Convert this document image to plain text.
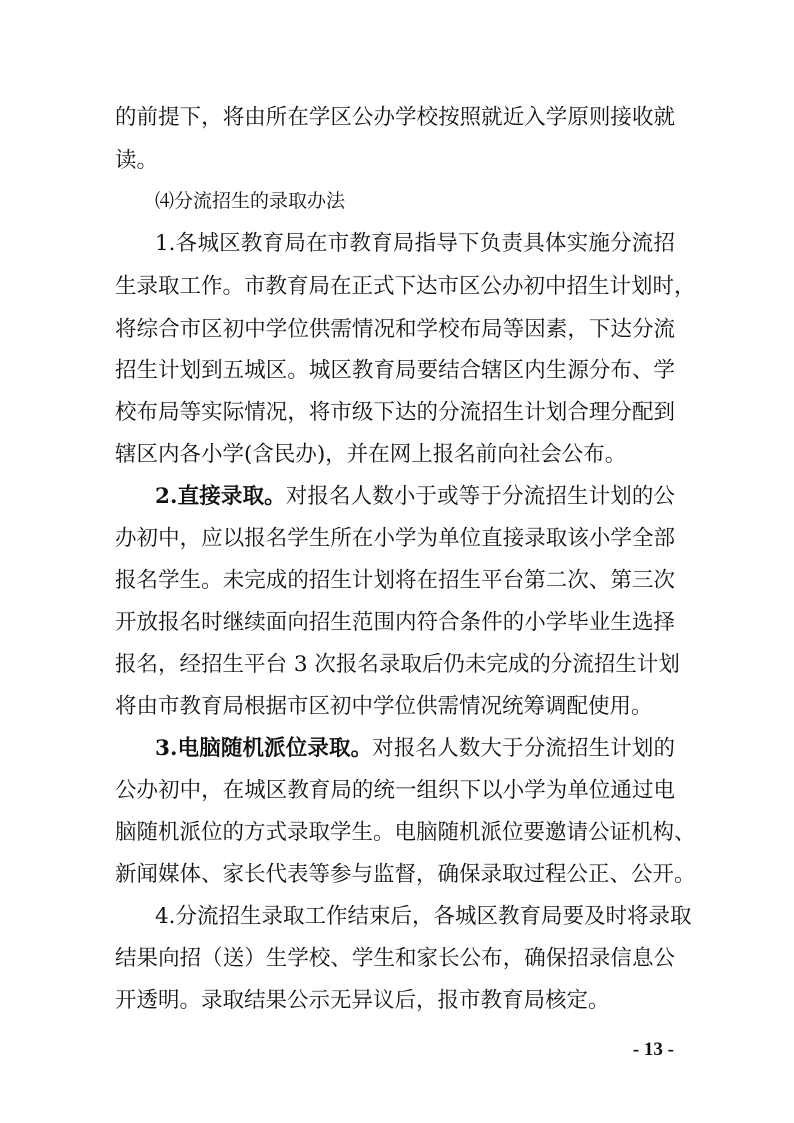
的前提下，将由所在学区公办学校按照就近入学原则接收就
读。
⑷分流招生的录取办法
1.各城区教育局在市教育局指导下负责具体实施分流招
生录取工作。市教育局在正式下达市区公办初中招生计划时，
将综合市区初中学位供需情况和学校布局等因素，下达分流
招生计划到五城区。城区教育局要结合辖区内生源分布、学
校布局等实际情况，将市级下达的分流招生计划合理分配到
辖区内各小学(含民办)，并在网上报名前向社会公布。
2.直接录取。对报名人数小于或等于分流招生计划的公
办初中，应以报名学生所在小学为单位直接录取该小学全部
报名学生。未完成的招生计划将在招生平台第二次、第三次
开放报名时继续面向招生范围内符合条件的小学毕业生选择
报名，经招生平台 3 次报名录取后仍未完成的分流招生计划
将由市教育局根据市区初中学位供需情况统筹调配使用。
3.电脑随机派位录取。对报名人数大于分流招生计划的
公办初中，在城区教育局的统一组织下以小学为单位通过电
脑随机派位的方式录取学生。电脑随机派位要邀请公证机构、
新闻媒体、家长代表等参与监督，确保录取过程公正、公开。
4.分流招生录取工作结束后，各城区教育局要及时将录取
结果向招（送）生学校、学生和家长公布，确保招录信息公
开透明。录取结果公示无异议后，报市教育局核定。
- 13 -
